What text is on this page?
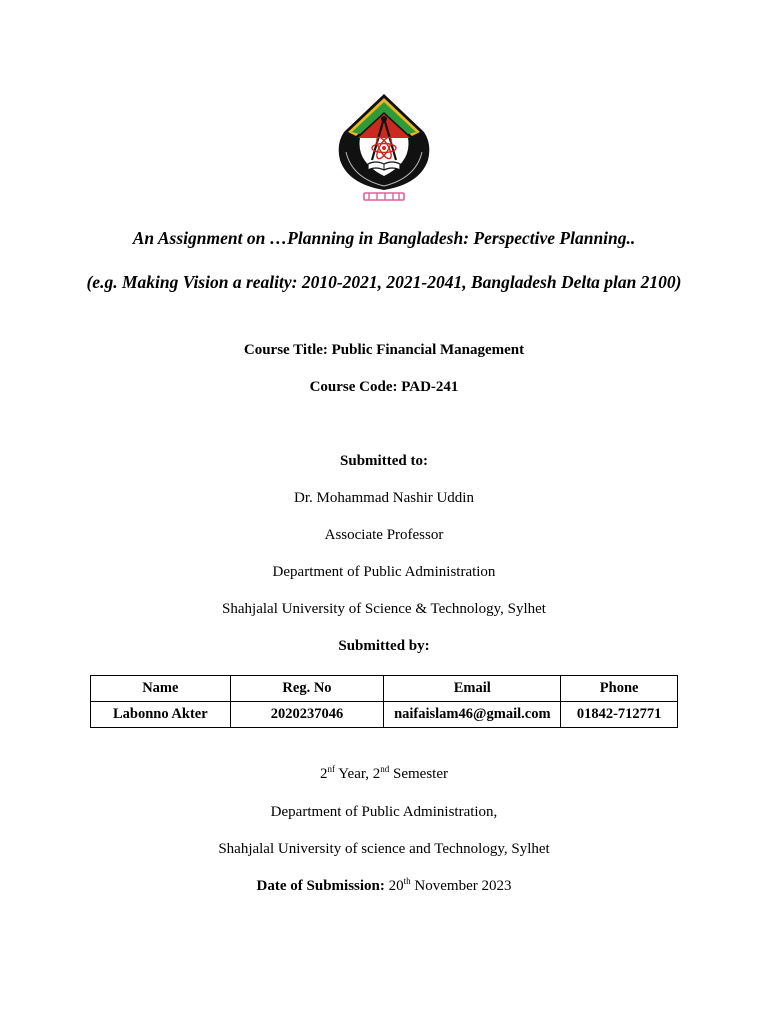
An Assignment on …Planning in Bangladesh: Perspective Planning..
(e.g. Making Vision a reality: 2010-2021, 2021-2041, Bangladesh Delta plan 2100)
Course Title: Public Financial Management
Course Code: PAD-241
Submitted to:
Dr. Mohammad Nashir Uddin
Associate Professor
Department of Public Administration
Shahjalal University of Science & Technology, Sylhet
Submitted by:
Name	Reg. No	Email	Phone
Labonno Akter	2020237046	naifaislam46@gmail.com	01842-712771
$2^{nf}$ Year, 2nd Semester
Department of Public Administration,
Shahjalal University of science and Technology, Sylhet
Date of Submission: 20th November 2023
